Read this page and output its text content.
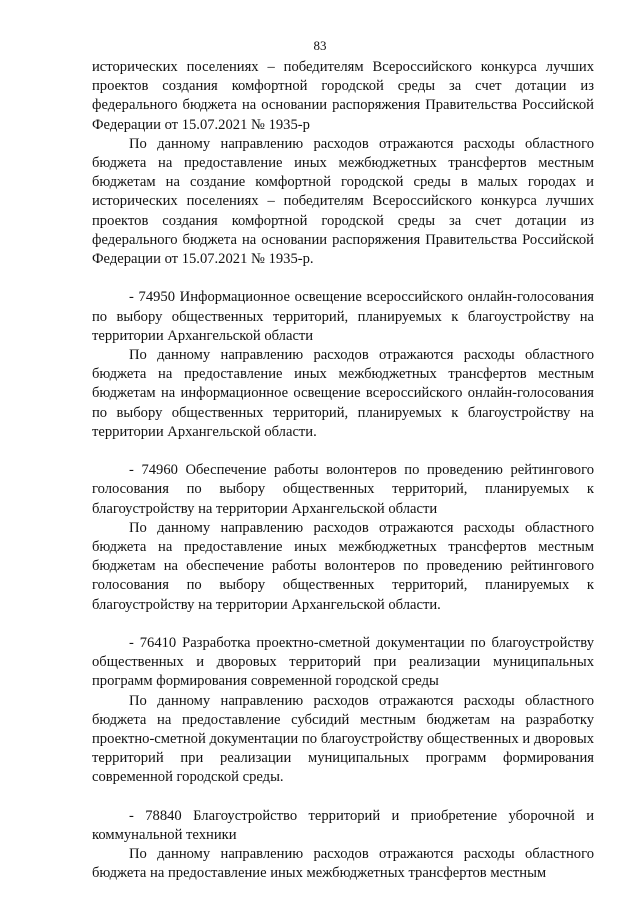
83

исторических поселениях – победителям Всероссийского конкурса лучших проектов создания комфортной городской среды за счет дотации из федерального бюджета на основании распоряжения Правительства Российской Федерации от 15.07.2021 № 1935-р

По данному направлению расходов отражаются расходы областного бюджета на предоставление иных межбюджетных трансфертов местным бюджетам на создание комфортной городской среды в малых городах и исторических поселениях – победителям Всероссийского конкурса лучших проектов создания комфортной городской среды за счет дотации из федерального бюджета на основании распоряжения Правительства Российской Федерации от 15.07.2021 № 1935-р.

- 74950 Информационное освещение всероссийского онлайн-голосования по выбору общественных территорий, планируемых к благоустройству на территории Архангельской области

По данному направлению расходов отражаются расходы областного бюджета на предоставление иных межбюджетных трансфертов местным бюджетам на информационное освещение всероссийского онлайн-голосования по выбору общественных территорий, планируемых к благоустройству на территории Архангельской области.

- 74960 Обеспечение работы волонтеров по проведению рейтингового голосования по выбору общественных территорий, планируемых к благоустройству на территории Архангельской области

По данному направлению расходов отражаются расходы областного бюджета на предоставление иных межбюджетных трансфертов местным бюджетам на обеспечение работы волонтеров по проведению рейтингового голосования по выбору общественных территорий, планируемых к благоустройству на территории Архангельской области.

- 76410 Разработка проектно-сметной документации по благоустройству общественных и дворовых территорий при реализации муниципальных программ формирования современной городской среды

По данному направлению расходов отражаются расходы областного бюджета на предоставление субсидий местным бюджетам на разработку проектно-сметной документации по благоустройству общественных и дворовых территорий при реализации муниципальных программ формирования современной городской среды.

- 78840 Благоустройство территорий и приобретение уборочной и коммунальной техники

По данному направлению расходов отражаются расходы областного бюджета на предоставление иных межбюджетных трансфертов местным
